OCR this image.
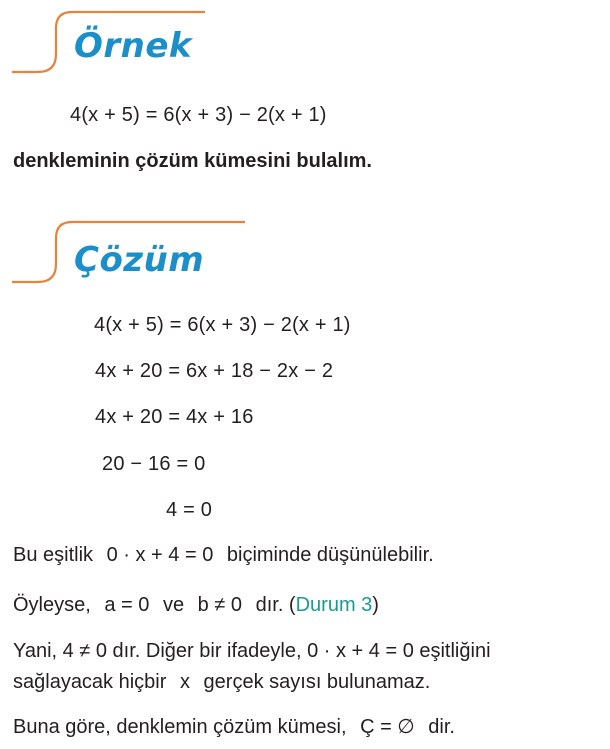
Örnek
4(x + 5) = 6(x + 3) − 2(x + 1)
denkleminin çözüm kümesini bulalım.
Çözüm
4(x + 5) = 6(x + 3) − 2(x + 1)
4x + 20 = 6x + 18 − 2x − 2
4x + 20 = 4x + 16
20 − 16 = 0
4 = 0
Bu eşitlik 0 · x + 4 = 0 biçiminde düşünülebilir.
Öyleyse, a = 0 ve b ≠ 0 dır. (Durum 3)
Yani, 4 ≠ 0 dır. Diğer bir ifadeyle, 0 · x + 4 = 0 eşitliğini
sağlayacak hiçbir x gerçek sayısı bulunamaz.
Buna göre, denklemin çözüm kümesi, Ç = ∅ dir.
